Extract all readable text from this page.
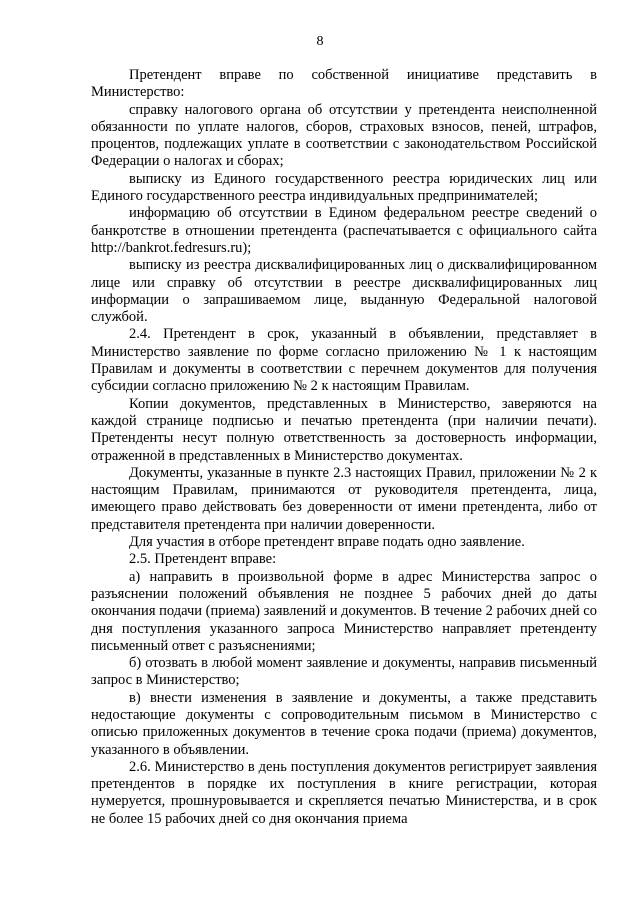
8

Претендент вправе по собственной инициативе представить в Министерство:

справку налогового органа об отсутствии у претендента неисполненной обязанности по уплате налогов, сборов, страховых взносов, пеней, штрафов, процентов, подлежащих уплате в соответствии с законодательством Российской Федерации о налогах и сборах;

выписку из Единого государственного реестра юридических лиц или Единого государственного реестра индивидуальных предпринимателей;

информацию об отсутствии в Едином федеральном реестре сведений о банкротстве в отношении претендента (распечатывается с официального сайта http://bankrot.fedresurs.ru);

выписку из реестра дисквалифицированных лиц о дисквалифицированном лице или справку об отсутствии в реестре дисквалифицированных лиц информации о запрашиваемом лице, выданную Федеральной налоговой службой.

2.4. Претендент в срок, указанный в объявлении, представляет в Министерство заявление по форме согласно приложению № 1 к настоящим Правилам и документы в соответствии с перечнем документов для получения субсидии согласно приложению № 2 к настоящим Правилам.

Копии документов, представленных в Министерство, заверяются на каждой странице подписью и печатью претендента (при наличии печати). Претенденты несут полную ответственность за достоверность информации, отраженной в представленных в Министерство документах.

Документы, указанные в пункте 2.3 настоящих Правил, приложении № 2 к настоящим Правилам, принимаются от руководителя претендента, лица, имеющего право действовать без доверенности от имени претендента, либо от представителя претендента при наличии доверенности.

Для участия в отборе претендент вправе подать одно заявление.

2.5. Претендент вправе:

а) направить в произвольной форме в адрес Министерства запрос о разъяснении положений объявления не позднее 5 рабочих дней до даты окончания подачи (приема) заявлений и документов. В течение 2 рабочих дней со дня поступления указанного запроса Министерство направляет претенденту письменный ответ с разъяснениями;

б) отозвать в любой момент заявление и документы, направив письменный запрос в Министерство;

в) внести изменения в заявление и документы, а также представить недостающие документы с сопроводительным письмом в Министерство с описью приложенных документов в течение срока подачи (приема) документов, указанного в объявлении.

2.6. Министерство в день поступления документов регистрирует заявления претендентов в порядке их поступления в книге регистрации, которая нумеруется, прошнуровывается и скрепляется печатью Министерства, и в срок не более 15 рабочих дней со дня окончания приема
